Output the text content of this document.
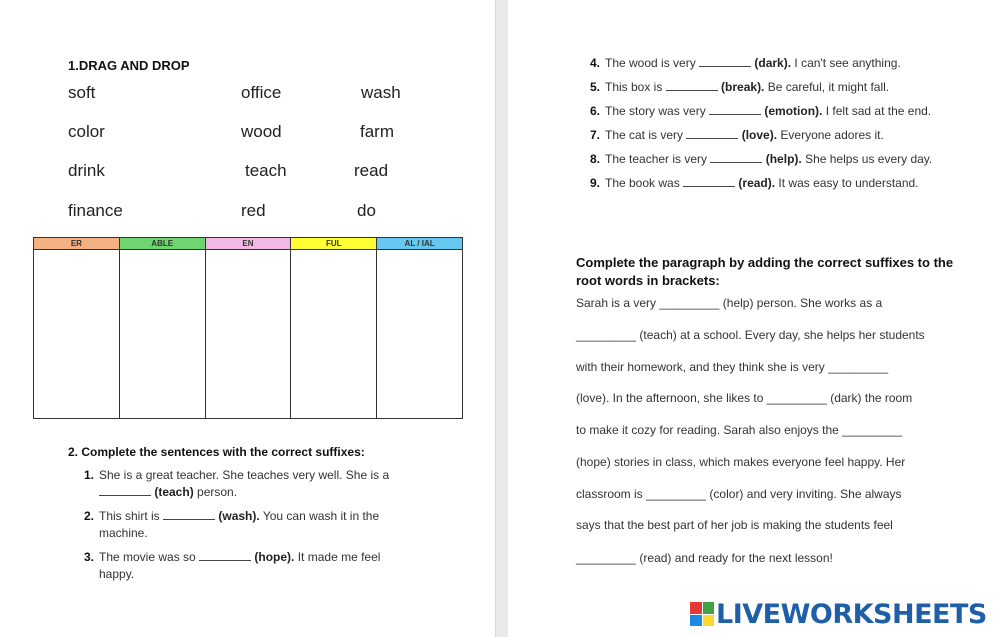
1.DRAG AND DROP
soft	office	wash
color	wood	farm
drink	teach	read
finance	red	do
ER	ABLE	EN	FUL	AL / IAL

2. Complete the sentences with the correct suffixes:
1. She is a great teacher. She teaches very well. She is a  (teach) person.
2. This shirt is	(wash). You can wash it in the machine.
3. The movie was so	(hope). It made me feel happy.
4. The wood is very	(dark). I can't see anything.
5. This box is	(break). Be careful, it might fall.
6. The story was very	(emotion). I felt sad at the end.
7. The cat is very	(love). Everyone adores it.
8. The teacher is very	(help). She helps us every day.
9. The book was	(read). It was easy to understand.
Complete the paragraph by adding the correct suffixes to the root words in brackets:
Sarah is a very _________ (help) person. She works as a
_________ (teach) at a school. Every day, she helps her students
with their homework, and they think she is very _________
(love). In the afternoon, she likes to _________ (dark) the room
to make it cozy for reading. Sarah also enjoys the _________
(hope) stories in class, which makes everyone feel happy. Her
classroom is _________ (color) and very inviting. She always
says that the best part of her job is making the students feel
_________ (read) and ready for the next lesson!
LIVEWORKSHEETS
